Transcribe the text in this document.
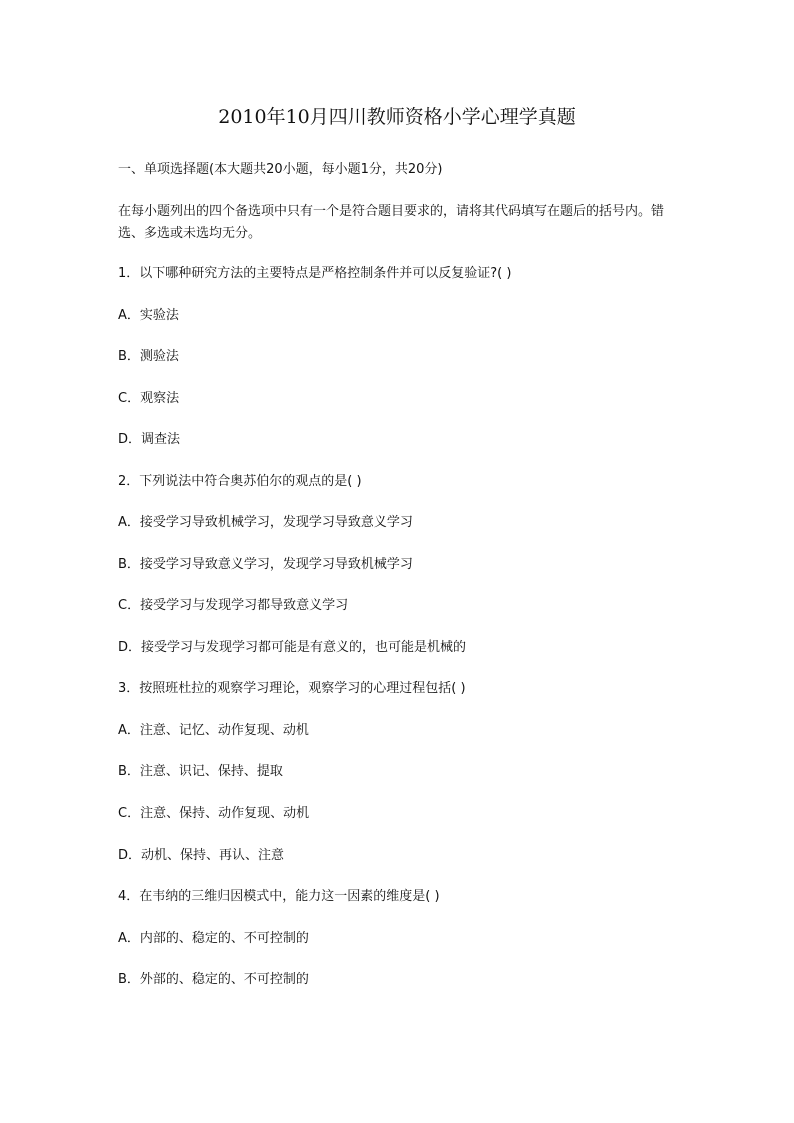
2010年10月四川教师资格小学心理学真题
一、单项选择题(本大题共20小题，每小题1分，共20分)
在每小题列出的四个备选项中只有一个是符合题目要求的，请将其代码填写在题后的括号内。错选、多选或未选均无分。
1．以下哪种研究方法的主要特点是严格控制条件并可以反复验证?( )
A．实验法
B．测验法
C．观察法
D．调查法
2．下列说法中符合奥苏伯尔的观点的是( )
A．接受学习导致机械学习，发现学习导致意义学习
B．接受学习导致意义学习，发现学习导致机械学习
C．接受学习与发现学习都导致意义学习
D．接受学习与发现学习都可能是有意义的，也可能是机械的
3．按照班杜拉的观察学习理论，观察学习的心理过程包括( )
A．注意、记忆、动作复现、动机
B．注意、识记、保持、提取
C．注意、保持、动作复现、动机
D．动机、保持、再认、注意
4．在韦纳的三维归因模式中，能力这一因素的维度是( )
A．内部的、稳定的、不可控制的
B．外部的、稳定的、不可控制的
